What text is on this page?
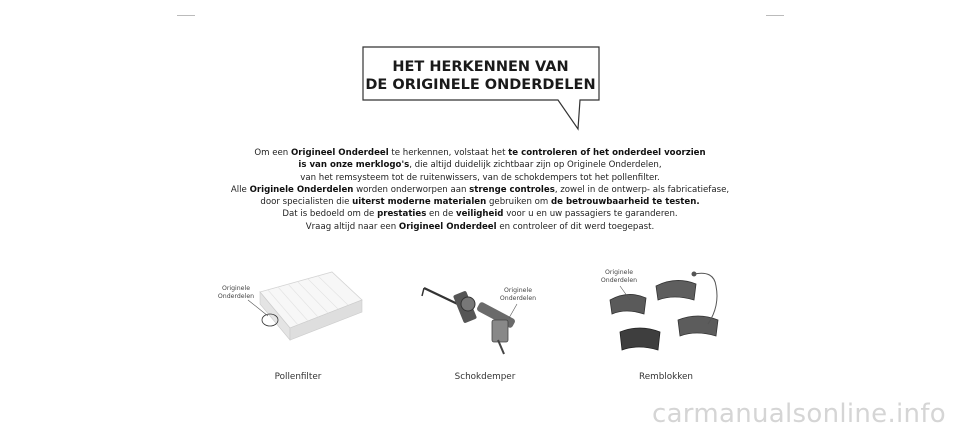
HET HERKENNEN VAN
DE ORIGINELE ONDERDELEN
Om een Origineel Onderdeel te herkennen, volstaat het te controleren of het onderdeel voorzien
is van onze merklogo's, die altijd duidelijk zichtbaar zijn op Originele Onderdelen,
van het remsysteem tot de ruitenwissers, van de schokdempers tot het pollenfilter.
Alle Originele Onderdelen worden onderworpen aan strenge controles, zowel in de ontwerp- als fabricatiefase,
door specialisten die uiterst moderne materialen gebruiken om de betrouwbaarheid te testen.
Dat is bedoeld om de prestaties en de veiligheid voor u en uw passagiers te garanderen.
Vraag altijd naar een Origineel Onderdeel en controleer of dit werd toegepast.
Originele
Onderdelen
Pollenfilter
Originele
Onderdelen
Schokdemper
Originele
Onderdelen
Remblokken
carmanualsonline.info
